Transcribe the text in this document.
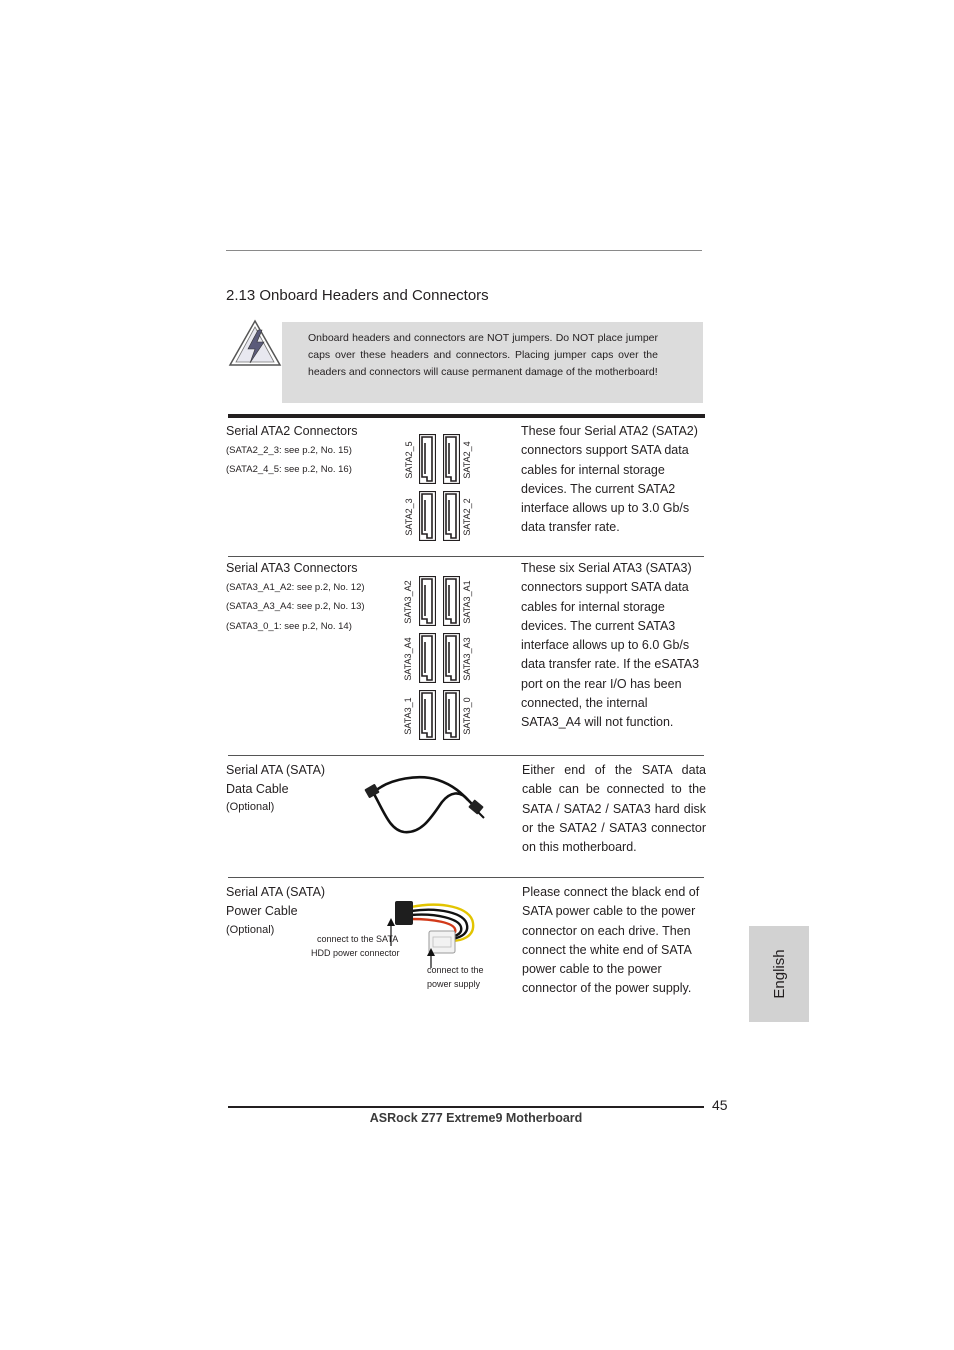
2.13 Onboard Headers and Connectors
Onboard headers and connectors are NOT jumpers. Do NOT place jumper caps over these headers and connectors. Placing jumper caps over the headers and connectors will cause permanent damage of the motherboard!
Serial ATA2 Connectors
(SATA2_2_3: see p.2, No. 15)
(SATA2_4_5: see p.2, No. 16)	SATA2_5	SATA2_4
SATA2_3	SATA2_2
These four Serial ATA2 (SATA2) connectors support SATA data cables for internal storage devices. The current SATA2 interface allows up to 3.0 Gb/s data transfer rate.
Serial ATA3 Connectors
(SATA3_A1_A2: see p.2, No. 12)
(SATA3_A3_A4: see p.2, No. 13)
(SATA3_0_1: see p.2, No. 14)
SATA3_A2	SATA3_A1
SATA3_A4	SATA3_A3
SATA3_1	SATA3_0
These six Serial ATA3 (SATA3) connectors support SATA data cables for internal storage devices. The current SATA3 interface allows up to 6.0 Gb/s data transfer rate. If the eSATA3 port on the rear I/O has been connected, the internal SATA3_A4 will not function.
Serial ATA (SATA)
Data Cable
(Optional)
Either end of the SATA data cable can be connected to the SATA / SATA2 / SATA3 hard disk or the SATA2 / SATA3 connector on this motherboard.
Serial ATA (SATA)
Power Cable
(Optional)
connect to the SATA
HDD power connector
connect to the
power supply
Please connect the black end of SATA power cable to the power connector on each drive. Then connect the white end of SATA power cable to the power connector of the power supply.	English
45
ASRock Z77 Extreme9 Motherboard
